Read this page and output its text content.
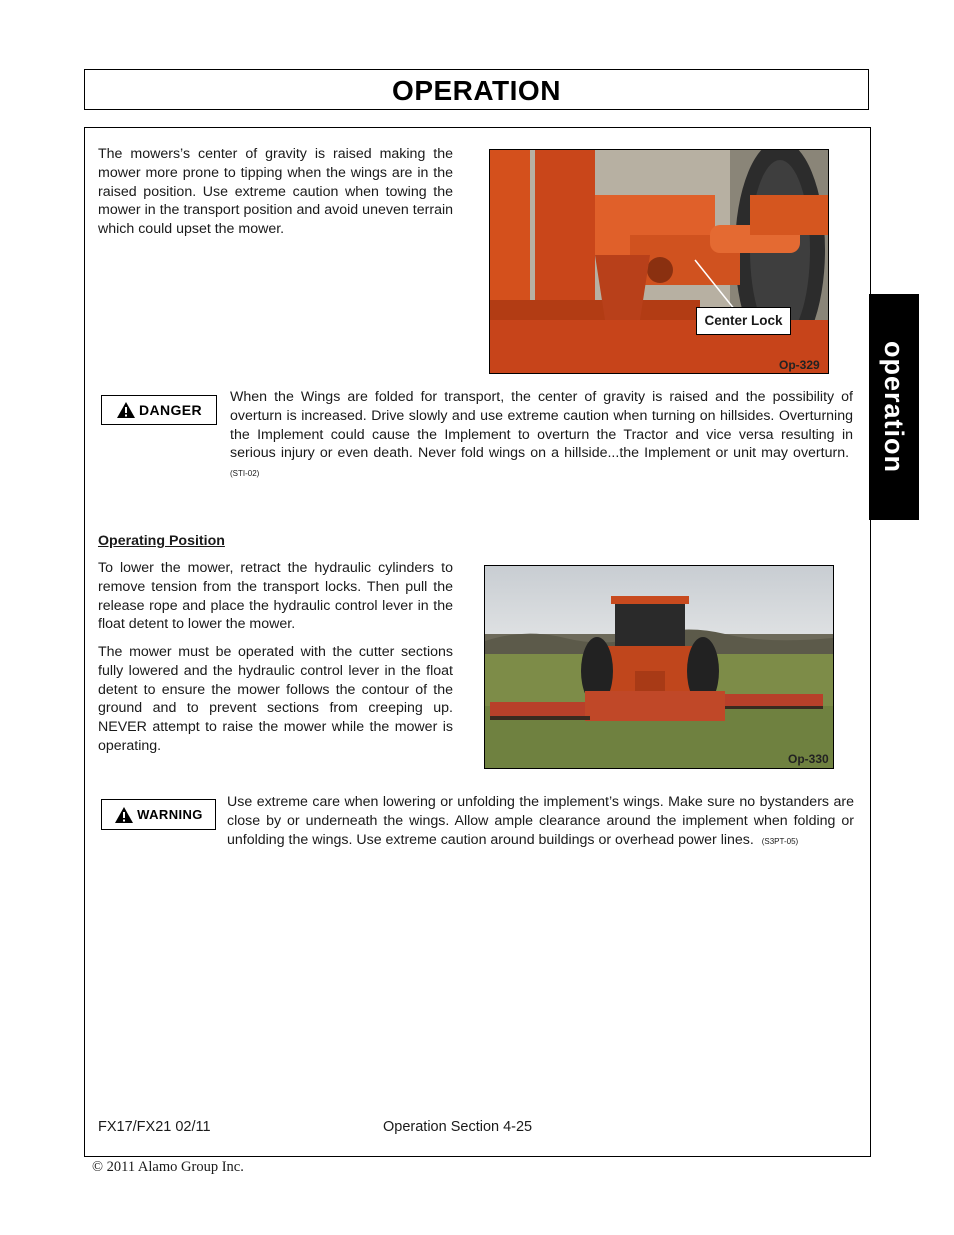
OPERATION
operation

The mowers’s center of gravity is raised making the mower more prone to tipping when the wings are in the raised position. Use extreme caution when towing the mower in the transport position and avoid uneven terrain which could upset the mower.

Center Lock
Op-329
DANGER

When the Wings are folded for transport, the center of gravity is raised and the possibility of overturn is increased. Drive slowly and use extreme caution when turning on hillsides. Overturning the Implement could cause the Implement to overturn the Tractor and vice versa resulting in serious injury or even death. Never fold wings on a hillside...the Implement or unit may overturn.  (STI-02)

Operating Position

To lower the mower, retract the hydraulic cylinders to remove tension from the transport locks. Then pull the release rope and place the hydraulic control lever in the float detent to lower the mower.

The mower must be operated with the cutter sections fully lowered and the hydraulic control lever in the float detent to ensure the mower follows the contour of the ground and to prevent sections from creeping up. NEVER attempt to raise the mower while the mower is operating.

Op-330
WARNING

Use extreme care when lowering or unfolding the implement’s wings. Make sure no bystanders are close by or underneath the wings. Allow ample clearance around the implement when folding or unfolding the wings. Use extreme caution around buildings or overhead power lines. (S3PT-05)

FX17/FX21 02/11	Operation Section 4-25
© 2011 Alamo Group Inc.
